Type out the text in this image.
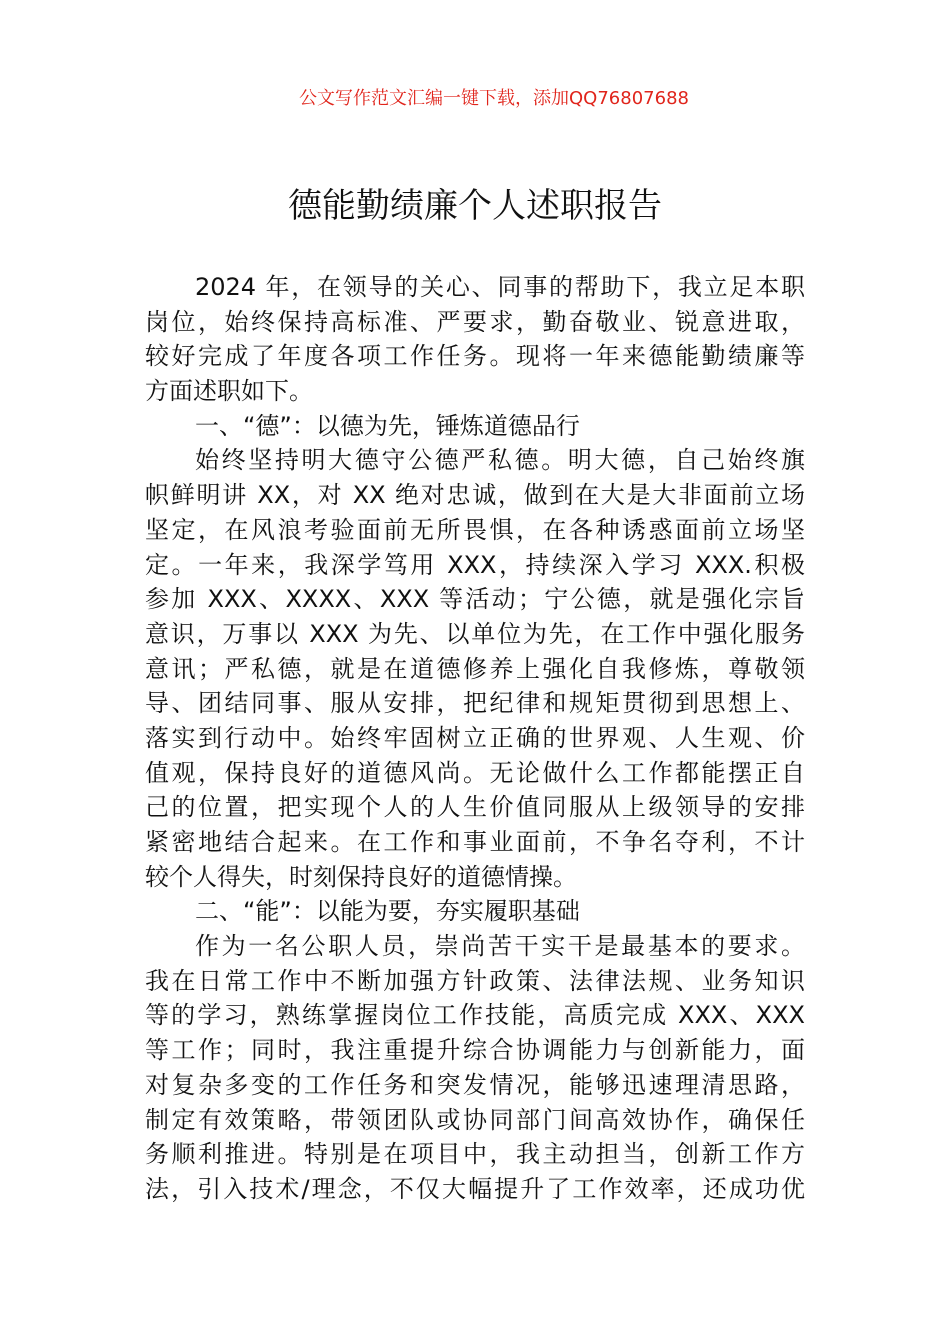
公文写作范文汇编一键下载，添加QQ76807688
德能勤绩廉个人述职报告
2024 年，在领导的关心、同事的帮助下，我立足本职
岗位，始终保持高标准、严要求，勤奋敬业、锐意进取，
较好完成了年度各项工作任务。现将一年来德能勤绩廉等
方面述职如下。
一、“德”：以德为先，锤炼道德品行
始终坚持明大德守公德严私德。明大德，自己始终旗
帜鲜明讲 XX，对 XX 绝对忠诚，做到在大是大非面前立场
坚定，在风浪考验面前无所畏惧，在各种诱惑面前立场坚
定。一年来，我深学笃用 XXX，持续深入学习 XXX.积极
参加 XXX、XXXX、XXX 等活动；宁公德，就是强化宗旨
意识，万事以 XXX 为先、以单位为先，在工作中强化服务
意讯；严私德，就是在道德修养上强化自我修炼，尊敬领
导、团结同事、服从安排，把纪律和规矩贯彻到思想上、
落实到行动中。始终牢固树立正确的世界观、人生观、价
值观，保持良好的道德风尚。无论做什么工作都能摆正自
己的位置，把实现个人的人生价值同服从上级领导的安排
紧密地结合起来。在工作和事业面前，不争名夺利，不计
较个人得失，时刻保持良好的道德情操。
二、“能”：以能为要，夯实履职基础
作为一名公职人员，崇尚苦干实干是最基本的要求。
我在日常工作中不断加强方针政策、法律法规、业务知识
等的学习，熟练掌握岗位工作技能，高质完成 XXX、XXX
等工作；同时，我注重提升综合协调能力与创新能力，面
对复杂多变的工作任务和突发情况，能够迅速理清思路，
制定有效策略，带领团队或协同部门间高效协作，确保任
务顺利推进。特别是在项目中，我主动担当，创新工作方
法，引入技术/理念，不仅大幅提升了工作效率，还成功优
